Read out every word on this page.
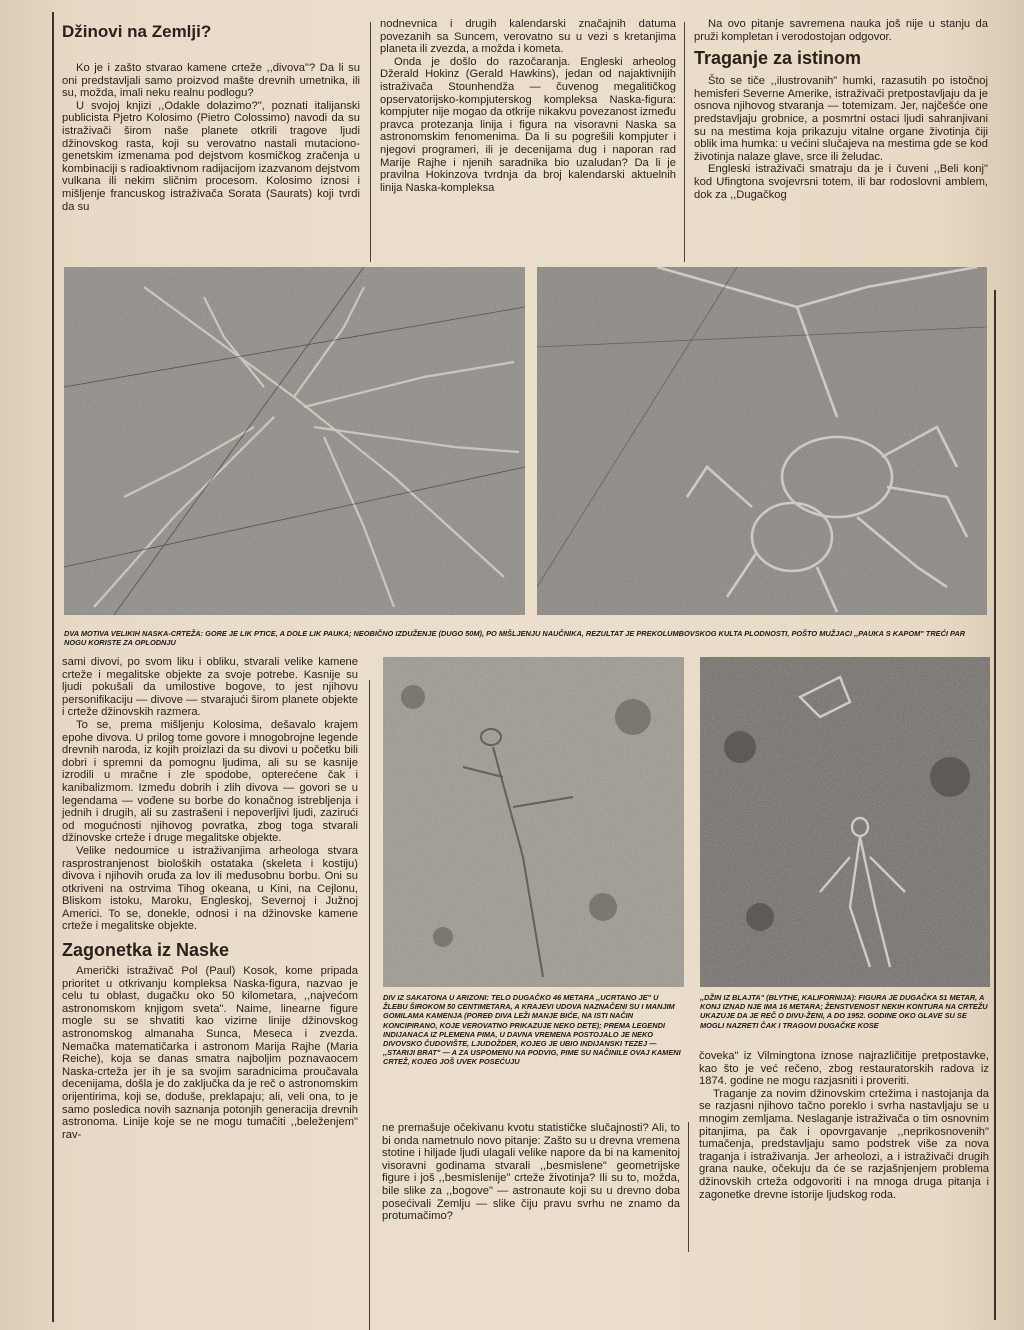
Džinovi na Zemlji?

Ko je i zašto stvarao kamene crteže ,,divova"? Da li su oni predstavljali samo proizvod mašte drevnih umetnika, ili su, možda, imali neku realnu podlogu?

U svojoj knjizi ,,Odakle dolazimo?", poznati italijanski publicista Pjetro Kolosimo (Pietro Colossimo) navodi da su istraživači širom naše planete otkrili tragove ljudi džinovskog rasta, koji su verovatno nastali mutaciono-genetskim izmenama pod dejstvom kosmičkog zračenja u kombinaciji s radioaktivnom radijacijom izazvanom dejstvom vulkana ili nekim sličnim procesom. Kolosimo iznosi i mišljenje francuskog istraživača Sorata (Saurats) koji tvrdi da su

nodnevnica i drugih kalendarski značajnih datuma povezanih sa Suncem, verovatno su u vezi s kretanjima planeta ili zvezda, a možda i kometa.

Onda je došlo do razočaranja. Engleski arheolog Džerald Hokinz (Gerald Hawkins), jedan od najaktivnijih istraživača Stounhendža — čuvenog megalitičkog opservatorijsko-kompjuterskog kompleksa Naska-figura: kompjuter nije mogao da otkrije nikakvu povezanost između pravca protezanja linija i figura na visoravni Naska sa astronomskim fenomenima. Da li su pogrešili kompjuter i njegovi programeri, ili je decenijama dug i naporan rad Marije Rajhe i njenih saradnika bio uzaludan? Da li je pravilna Hokinzova tvrdnja da broj kalendarski aktuelnih linija Naska-kompleksa

Na ovo pitanje savremena nauka još nije u stanju da pruži kompletan i verodostojan odgovor.

Traganje za istinom

Što se tiče ,,ilustrovanih" humki, razasutih po istočnoj hemisferi Severne Amerike, istraživači pretpostavljaju da je osnova njihovog stvaranja — totemizam. Jer, najčešće one predstavljaju grobnice, a posmrtni ostaci ljudi sahranjivani su na mestima koja prikazuju vitalne organe životinja čiji oblik ima humka: u većini slučajeva na mestima gde se kod životinja nalaze glave, srce ili želudac.

Engleski istraživači smatraju da je i čuveni ,,Beli konj" kod Ufingtona svojevrsni totem, ili bar rodoslovni amblem, dok za ,,Dugačkog

DVA MOTIVA VELIKIH NASKA-CRTEŽA: GORE JE LIK PTICE, A DOLE LIK PAUKA; NEOBIČNO IZDUŽENJE (DUGO 50M), PO MIŠLJENJU NAUČNIKA, REZULTAT JE PREKOLUMBOVSKOG KULTA PLODNOSTI, POŠTO MUŽJACI ,,PAUKA S KAPOM" TREĆI PAR NOGU KORISTE ZA OPLODNJU

sami divovi, po svom liku i obliku, stvarali velike kamene crteže i megalitske objekte za svoje potrebe. Kasnije su ljudi pokušali da umilostive bogove, to jest njihovu personifikaciju — divove — stvarajući širom planete objekte i crteže džinovskih razmera.

To se, prema mišljenju Kolosima, dešavalo krajem epohe divova. U prilog tome govore i mnogobrojne legende drevnih naroda, iz kojih proizlazi da su divovi u početku bili dobri i spremni da pomognu ljudima, ali su se kasnije izrodili u mračne i zle spodobe, opterećene čak i kanibalizmom. Između dobrih i zlih divova — govori se u legendama — vođene su borbe do konačnog istrebljenja i jednih i drugih, ali su zastrašeni i nepoverljivi ljudi, zazirući od mogućnosti njihovog povratka, zbog toga stvarali džinovske crteže i druge megalitske objekte.

Velike nedoumice u istraživanjima arheologa stvara rasprostranjenost bioloških ostataka (skeleta i kostiju) divova i njihovih oruđa za lov ili međusobnu borbu. Oni su otkriveni na ostrvima Tihog okeana, u Kini, na Cejlonu, Bliskom istoku, Maroku, Engleskoj, Severnoj i Južnoj Americi. To se, donekle, odnosi i na džinovske kamene crteže i megalitske objekte.

Zagonetka iz Naske

Američki istraživač Pol (Paul) Kosok, kome pripada prioritet u otkrivanju kompleksa Naska-figura, nazvao je celu tu oblast, dugačku oko 50 kilometara, ,,najvećom astronomskom knjigom sveta". Naime, linearne figure mogle su se shvatiti kao vizirne linije džinovskog astronomskog almanaha Sunca, Meseca i zvezda. Nemačka matematičarka i astronom Marija Rajhe (Maria Reiche), koja se danas smatra najboljim poznavaocem Naska-crteža jer ih je sa svojim saradnicima proučavala decenijama, došla je do zaključka da je reč o astronomskim orijentirima, koji se, doduše, preklapaju; ali, veli ona, to je samo posledica novih saznanja potonjih generacija drevnih astronoma. Linije koje se ne mogu tumačiti ,,beleženjem" rav-

DIV IZ SAKATONA U ARIZONI: TELO DUGAČKO 46 METARA ,,UCRTANO JE" U ŽLEBU ŠIROKOM 50 CENTIMETARA, A KRAJEVI UDOVA NAZNAČENI SU I MANJIM GOMILAMA KAMENJA (POREĐ DIVA LEŽI MANJE BIĆE, NA ISTI NAČIN KONCIPIRANO, KOJE VEROVATNO PRIKAZUJE NEKO DETE); PREMA LEGENDI INDIJANACA IZ PLEMENA PIMA, U DAVNA VREMENA POSTOJALO JE NEKO DIVOVSKO ČUDOVIŠTE, LJUDOŽDER, KOJEG JE UBIO INDIJANSKI TEZEJ — ,,STARIJI BRAT" — A ZA USPOMENU NA PODVIG, PIME SU NAČINILE OVAJ KAMENI CRTEŽ, KOJEG JOŠ UVEK POSEĆUJU
,,DŽIN IZ BLAJTA" (BLYTHE, KALIFORNIJA): FIGURA JE DUGAČKA 51 METAR, A KONJ IZNAD NJE IMA 16 METARA; ŽENSTVENOST NEKIH KONTURA NA CRTEŽU UKAZUJE DA JE REČ O DIVU-ŽENI, A DO 1952. GODINE OKO GLAVE SU SE MOGLI NAZRETI ČAK I TRAGOVI DUGAČKE KOSE

ne premašuje očekivanu kvotu statističke slučajnosti? Ali, to bi onda nametnulo novo pitanje: Zašto su u drevna vremena stotine i hiljade ljudi ulagali velike napore da bi na kamenitoj visoravni godinama stvarali ,,besmislene" geometrijske figure i još ,,besmislenije" crteže životinja? Ili su to, možda, bile slike za ,,bogove" — astronaute koji su u drevno doba posećivali Zemlju — slike čiju pravu svrhu ne znamo da protumačimo?

čoveka" iz Vilmingtona iznose najrazličitije pretpostavke, kao što je već rečeno, zbog restauratorskih radova iz 1874. godine ne mogu razjasniti i proveriti.

Traganje za novim džinovskim crtežima i nastojanja da se razjasni njihovo tačno poreklo i svrha nastavljaju se u mnogim zemljama. Neslaganje istraživača o tim osnovnim pitanjima, pa čak i opovrgavanje ,,neprikosnovenih" tumačenja, predstavljaju samo podstrek više za nova traganja i istraživanja. Jer arheolozi, a i istraživači drugih grana nauke, očekuju da će se razjašnjenjem problema džinovskih crteža odgovoriti i na mnoga druga pitanja i zagonetke drevne istorije ljudskog roda.
